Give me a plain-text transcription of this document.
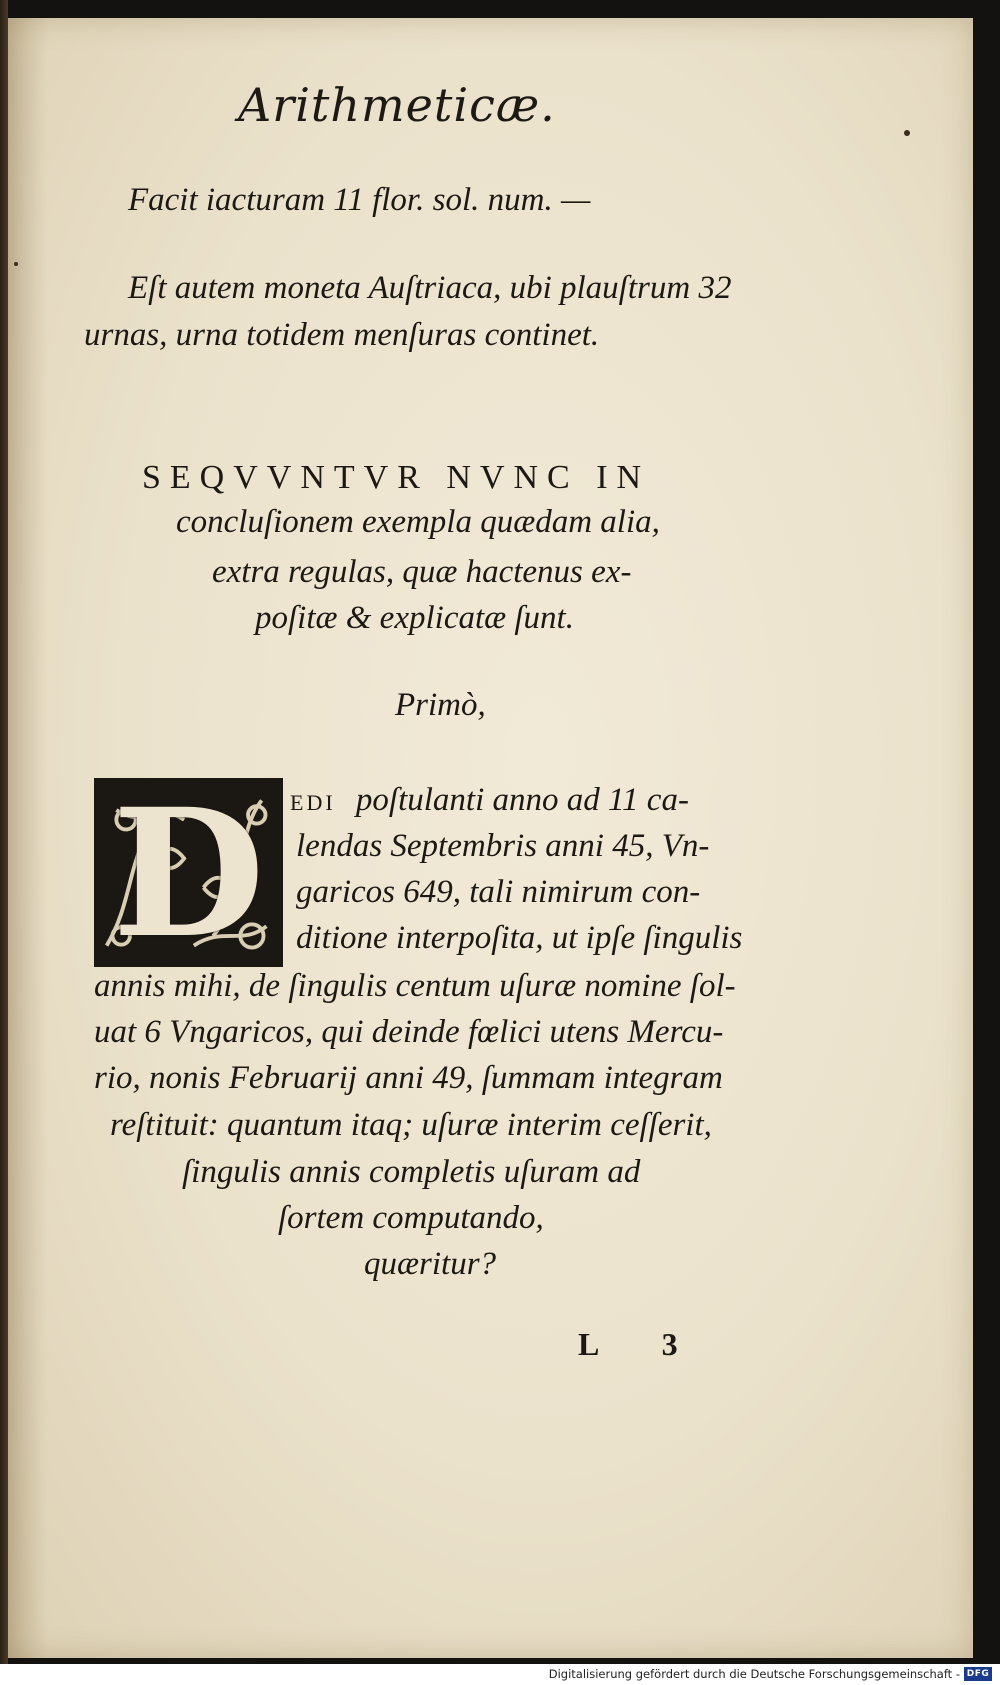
Arithmeticæ.
Facit iacturam 11 flor. sol. num. —
Eſt autem moneta Auſtriaca, ubi plauſtrum 32
urnas, urna totidem menſuras continet.
SEQVVNTVR NVNC IN
concluſionem exempla quædam alia,
extra regulas, quæ hactenus ex-
poſitæ & explicatæ ſunt.
Primò,
D	EDI poſtulanti anno ad 11 ca-
lendas Septembris anni 45, Vn-
garicos 649, tali nimirum con-
ditione interpoſita, ut ipſe ſingulis
annis mihi, de ſingulis centum uſuræ nomine ſol-
uat 6 Vngaricos, qui deinde fœlici utens Mercu-
rio, nonis Februarij anni 49, ſummam integram
reſtituit: quantum itaq; uſuræ interim ceſſerit,
ſingulis annis completis uſuram ad
ſortem computando,
quæritur?
L 3
Digitalisierung gefördert durch die Deutsche Forschungsgemeinschaft - DFG
